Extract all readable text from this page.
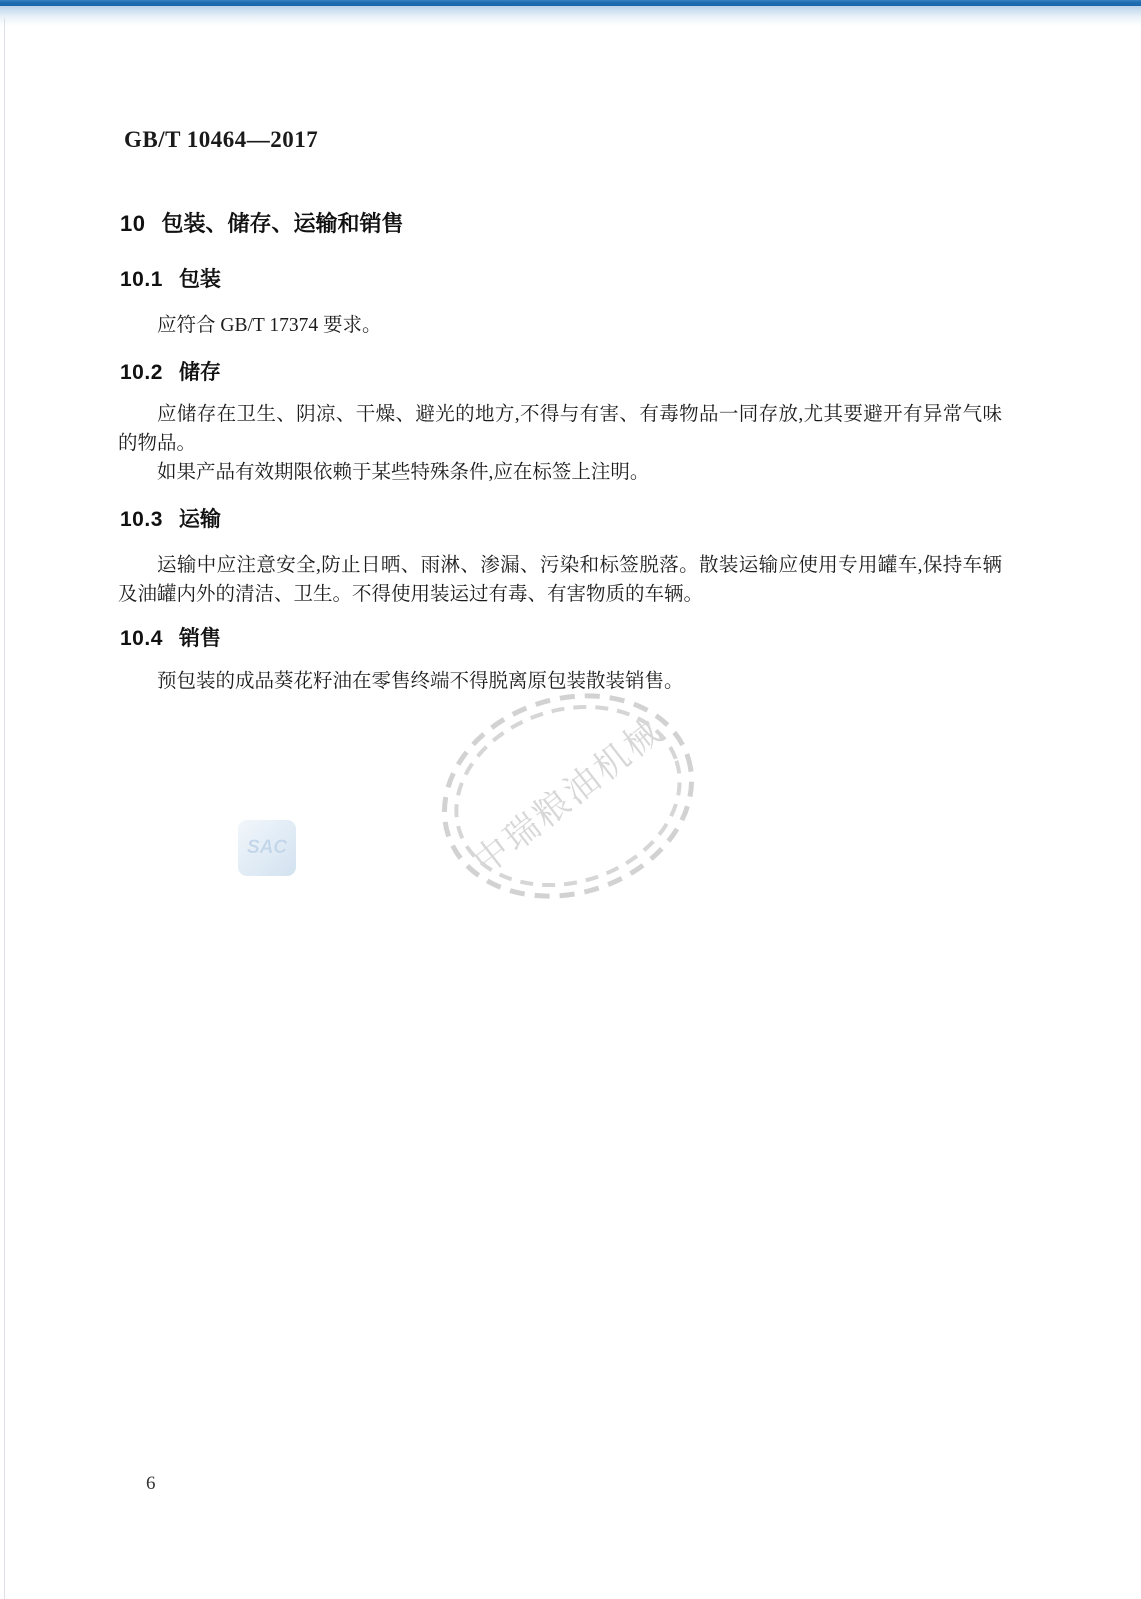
GB/T 10464—2017
10 包装、储存、运输和销售
10.1 包装

应符合 GB/T 17374 要求。

10.2 储存

应储存在卫生、阴凉、干燥、避光的地方,不得与有害、有毒物品一同存放,尤其要避开有异常气味的物品。

如果产品有效期限依赖于某些特殊条件,应在标签上注明。

10.3 运输

运输中应注意安全,防止日晒、雨淋、渗漏、污染和标签脱落。散装运输应使用专用罐车,保持车辆及油罐内外的清洁、卫生。不得使用装运过有毒、有害物质的车辆。

10.4 销售

预包装的成品葵花籽油在零售终端不得脱离原包装散装销售。

中瑞粮油机械
SAC
6
